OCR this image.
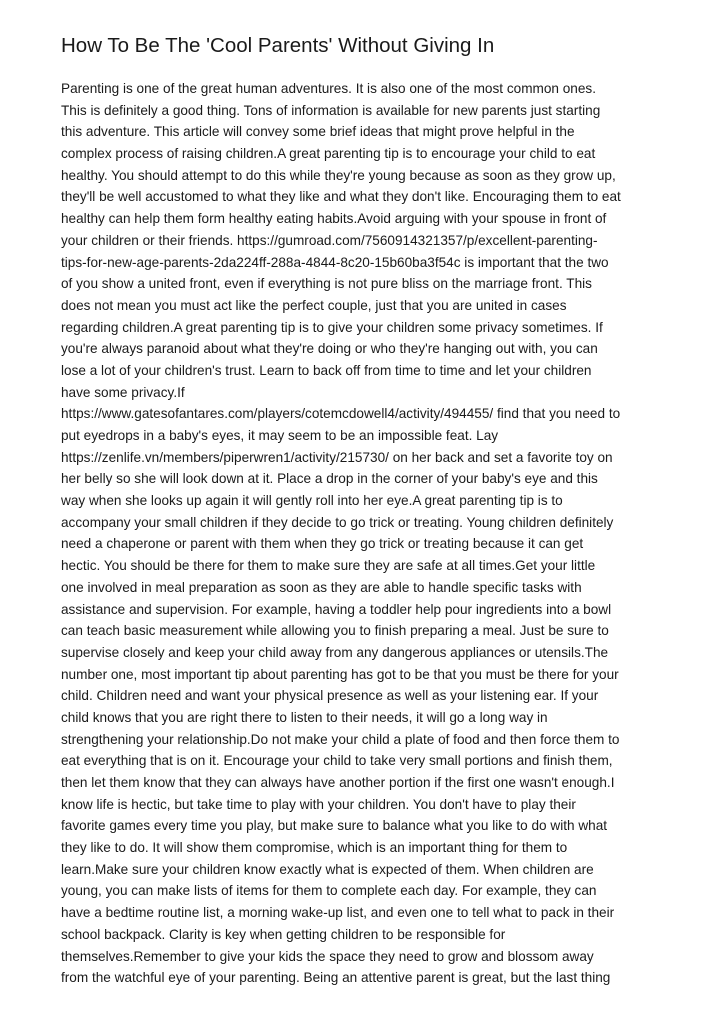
How To Be The 'Cool Parents' Without Giving In
Parenting is one of the great human adventures. It is also one of the most common ones.
This is definitely a good thing. Tons of information is available for new parents just starting
this adventure. This article will convey some brief ideas that might prove helpful in the
complex process of raising children.A great parenting tip is to encourage your child to eat
healthy. You should attempt to do this while they're young because as soon as they grow up,
they'll be well accustomed to what they like and what they don't like. Encouraging them to eat
healthy can help them form healthy eating habits.Avoid arguing with your spouse in front of
your children or their friends. https://gumroad.com/7560914321357/p/excellent-parenting-
tips-for-new-age-parents-2da224ff-288a-4844-8c20-15b60ba3f54c is important that the two
of you show a united front, even if everything is not pure bliss on the marriage front. This
does not mean you must act like the perfect couple, just that you are united in cases
regarding children.A great parenting tip is to give your children some privacy sometimes. If
you're always paranoid about what they're doing or who they're hanging out with, you can
lose a lot of your children's trust. Learn to back off from time to time and let your children
have some privacy.If
https://www.gatesofantares.com/players/cotemcdowell4/activity/494455/ find that you need to
put eyedrops in a baby's eyes, it may seem to be an impossible feat. Lay
https://zenlife.vn/members/piperwren1/activity/215730/ on her back and set a favorite toy on
her belly so she will look down at it. Place a drop in the corner of your baby's eye and this
way when she looks up again it will gently roll into her eye.A great parenting tip is to
accompany your small children if they decide to go trick or treating. Young children definitely
need a chaperone or parent with them when they go trick or treating because it can get
hectic. You should be there for them to make sure they are safe at all times.Get your little
one involved in meal preparation as soon as they are able to handle specific tasks with
assistance and supervision. For example, having a toddler help pour ingredients into a bowl
can teach basic measurement while allowing you to finish preparing a meal. Just be sure to
supervise closely and keep your child away from any dangerous appliances or utensils.The
number one, most important tip about parenting has got to be that you must be there for your
child. Children need and want your physical presence as well as your listening ear. If your
child knows that you are right there to listen to their needs, it will go a long way in
strengthening your relationship.Do not make your child a plate of food and then force them to
eat everything that is on it. Encourage your child to take very small portions and finish them,
then let them know that they can always have another portion if the first one wasn't enough.I
know life is hectic, but take time to play with your children. You don't have to play their
favorite games every time you play, but make sure to balance what you like to do with what
they like to do. It will show them compromise, which is an important thing for them to
learn.Make sure your children know exactly what is expected of them. When children are
young, you can make lists of items for them to complete each day. For example, they can
have a bedtime routine list, a morning wake-up list, and even one to tell what to pack in their
school backpack. Clarity is key when getting children to be responsible for
themselves.Remember to give your kids the space they need to grow and blossom away
from the watchful eye of your parenting. Being an attentive parent is great, but the last thing
